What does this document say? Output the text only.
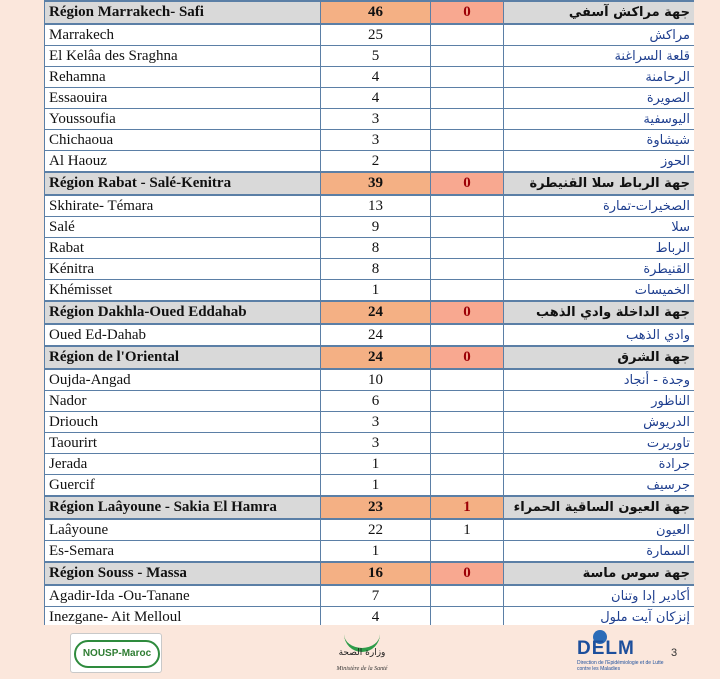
Région Marrakech- Safi	46	0	جهة مراكش آسفي
Marrakech	25		مراكش
El Kelâa des Sraghna	5		قلعة السراغنة
Rehamna	4		الرحامنة
Essaouira	4		الصويرة
Youssoufia	3		اليوسفية
Chichaoua	3		شيشاوة
Al Haouz	2		الحوز
Région Rabat - Salé-Kenitra	39	0	جهة الرباط سلا القنيطرة
Skhirate- Témara	13		الصخيرات-تمارة
Salé	9		سلا
Rabat	8		الرباط
Kénitra	8		القنيطرة
Khémisset	1		الخميسات
Région Dakhla-Oued Eddahab	24	0	جهة الداخلة وادي الذهب
Oued Ed-Dahab	24		وادي الذهب
Région de l'Oriental	24	0	جهة الشرق
Oujda-Angad	10		وجدة - أنجاد
Nador	6		الناظور
Driouch	3		الدريوش
Taourirt	3		تاوريرت
Jerada	1		جرادة
Guercif	1		جرسيف
Région Laâyoune - Sakia El Hamra	23	1	جهة العيون الساقية الحمراء
Laâyoune	22	1	العيون
Es-Semara	1		السمارة
Région Souss - Massa	16	0	جهة سوس ماسة
Agadir-Ida -Ou-Tanane	7		أكادير إدا وتنان
Inezgane- Ait Melloul	4		إنزكان آيت ملول
NOUSP-Maroc	وزارة الصحة
Ministère de la Santé
DELM
Direction de l'Epidémiologie et de Lutte contre les Maladies
3
